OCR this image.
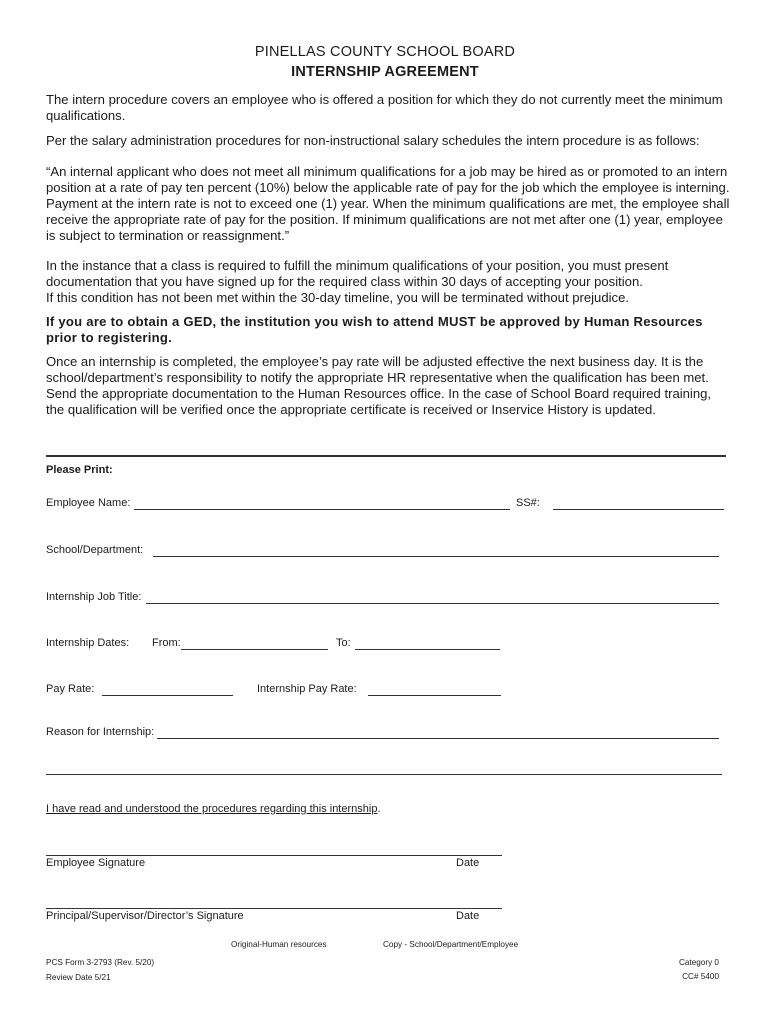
PINELLAS COUNTY SCHOOL BOARD
INTERNSHIP AGREEMENT
The intern procedure covers an employee who is offered a position for which they do not currently meet the minimum qualifications.
Per the salary administration procedures for non-instructional salary schedules the intern procedure is as follows:
“An internal applicant who does not meet all minimum qualifications for a job may be hired as or promoted to an intern position at a rate of pay ten percent (10%) below the applicable rate of pay for the job which the employee is interning. Payment at the intern rate is not to exceed one (1) year. When the minimum qualifications are met, the employee shall receive the appropriate rate of pay for the position. If minimum qualifications are not met after one (1) year, employee is subject to termination or reassignment.”
In the instance that a class is required to fulfill the minimum qualifications of your position, you must present documentation that you have signed up for the required class within 30 days of accepting your position.
If this condition has not been met within the 30-day timeline, you will be terminated without prejudice.
If you are to obtain a GED, the institution you wish to attend MUST be approved by Human Resources prior to registering.
Once an internship is completed, the employee’s pay rate will be adjusted effective the next business day. It is the school/department’s responsibility to notify the appropriate HR representative when the qualification has been met. Send the appropriate documentation to the Human Resources office. In the case of School Board required training, the qualification will be verified once the appropriate certificate is received or Inservice History is updated.
Please Print:
Employee Name:	SS#:
School/Department:
Internship Job Title:
Internship Dates: From:	To:
Pay Rate:	Internship Pay Rate:
Reason for Internship:
I have read and understood the procedures regarding this internship.
Employee Signature	Date
Principal/Supervisor/Director’s Signature	Date
Original-Human resources	Copy - School/Department/Employee
PCS Form 3-2793 (Rev. 5/20)
Review Date 5/21
Category 0
CC# 5400
